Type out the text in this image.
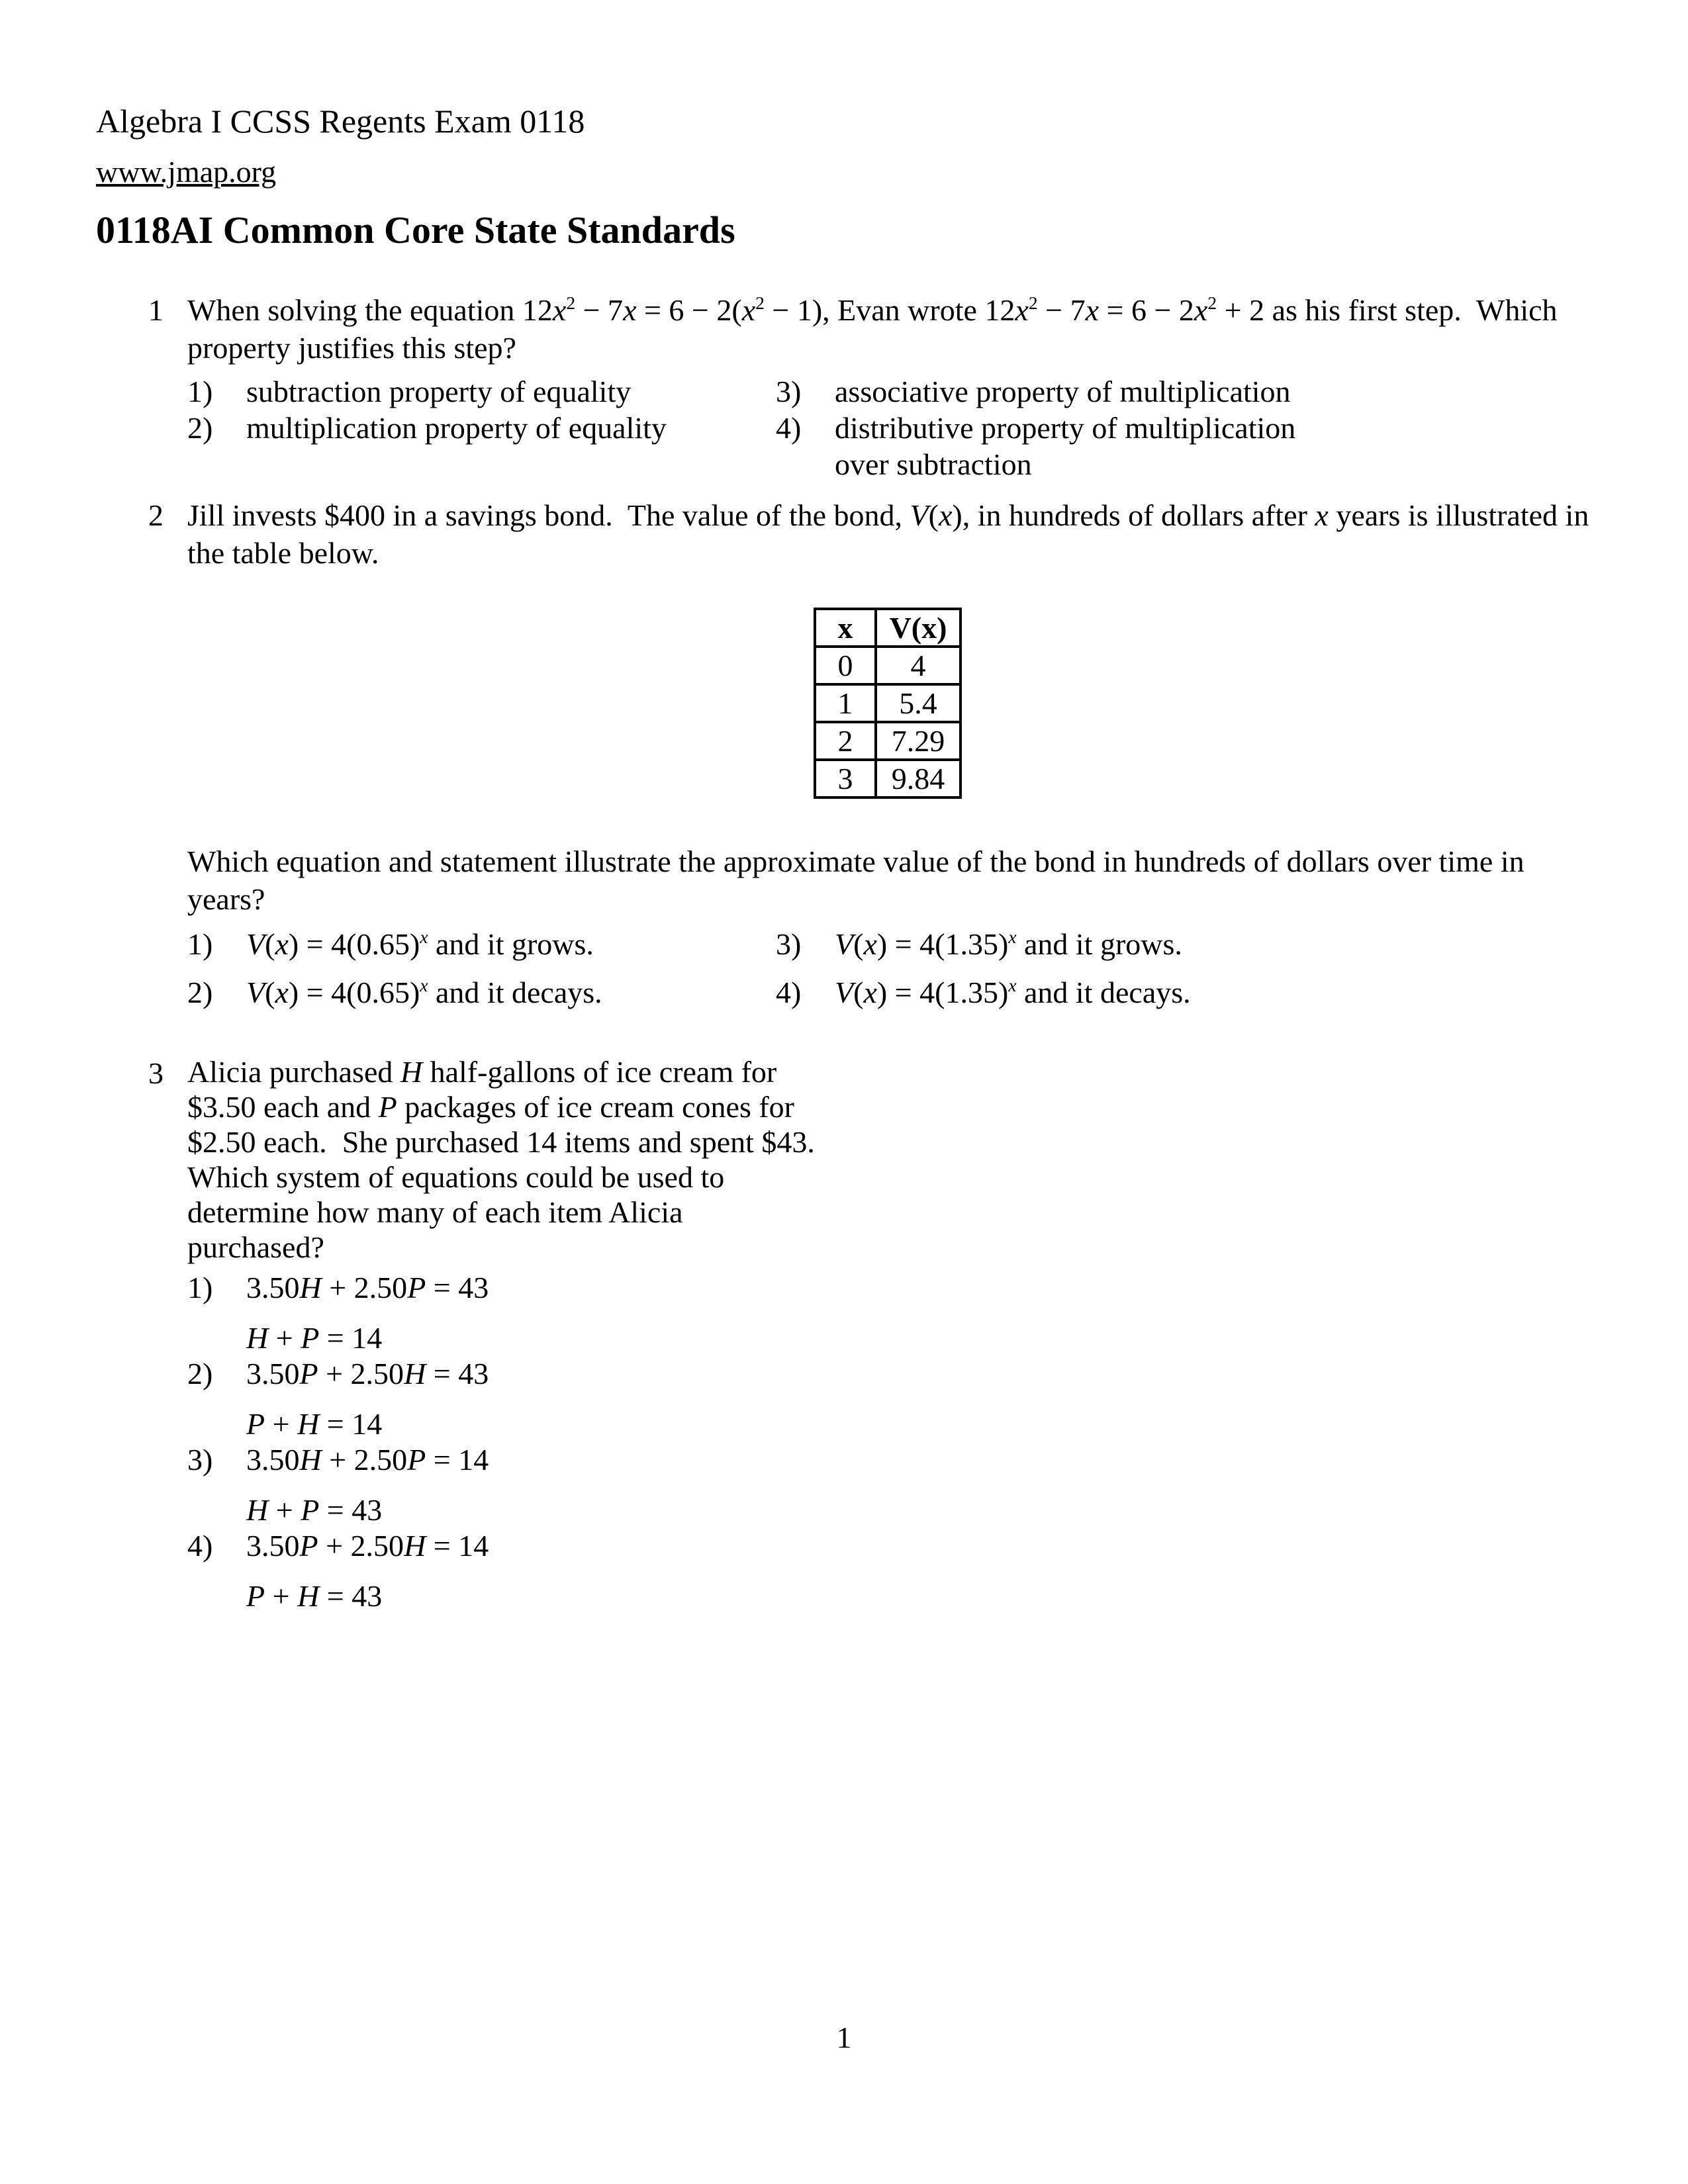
Algebra I CCSS Regents Exam 0118
www.jmap.org
0118AI Common Core State Standards
1 When solving the equation $12x^2 - 7x = 6 - 2(x^2 - 1)$, Evan wrote $12x^2 - 7x = 6 - 2x^2 + 2$ as his first step.  Which property justifies this step?
1)	subtraction property of equality
2)	multiplication property of equality
3)	associative property of multiplication
4)	distributive property of multiplication over subtraction
2 Jill invests $400 in a savings bond.  The value of the bond, V(x), in hundreds of dollars after x years is illustrated in the table below.
x	V(x)
0	4
1	5.4
2	7.29
3	9.84
Which equation and statement illustrate the approximate value of the bond in hundreds of dollars over time in years?
1)	$V(x) = 4(0.65)^x$ and it grows.
2)	$V(x) = 4(0.65)^x$ and it decays.
3)	$V(x) = 4(1.35)^x$ and it grows.
4)	$V(x) = 4(1.35)^x$ and it decays.
3 Alicia purchased H half-gallons of ice cream for $3.50 each and P packages of ice cream cones for $2.50 each.  She purchased 14 items and spent $43.  Which system of equations could be used to determine how many of each item Alicia purchased?
1)	3.50H + 2.50P = 43
H + P = 14
2)	3.50P + 2.50H = 43
P + H = 14
3)	3.50H + 2.50P = 14
H + P = 43
4)	3.50P + 2.50H = 14
P + H = 43
1
